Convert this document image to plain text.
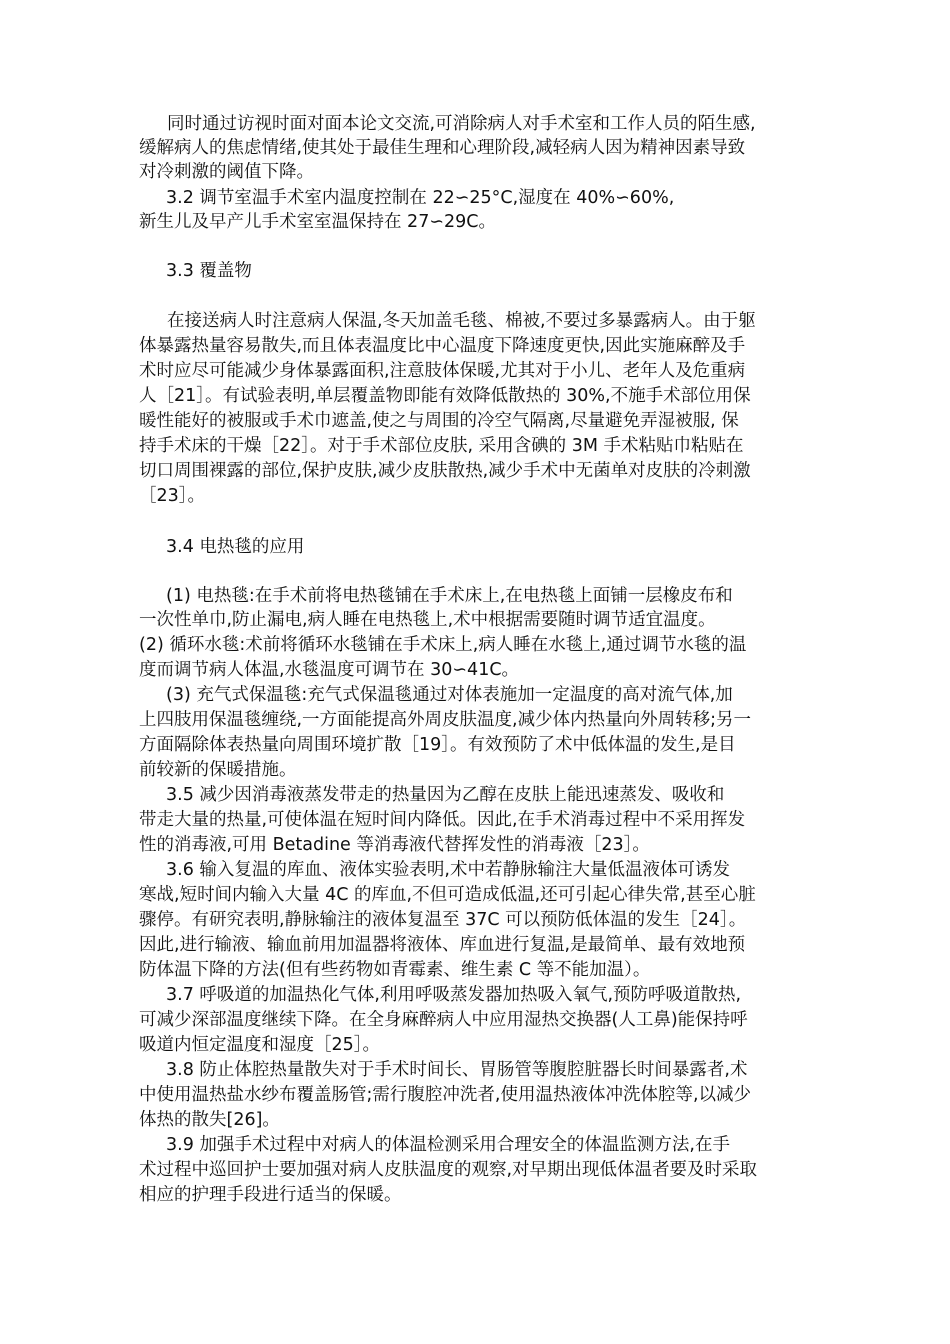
同时通过访视时面对面本论文交流,可消除病人对手术室和工作人员的陌生感,
缓解病人的焦虑情绪,使其处于最佳生理和心理阶段,减轻病人因为精神因素导致
对冷刺激的阈值下降。
3.2 调节室温手术室内温度控制在 22∽25°C,湿度在 40%∽60%,
新生儿及早产儿手术室室温保持在 27∽29C。
3.3 覆盖物
在接送病人时注意病人保温,冬天加盖毛毯、棉被,不要过多暴露病人。由于躯
体暴露热量容易散失,而且体表温度比中心温度下降速度更快,因此实施麻醉及手
术时应尽可能减少身体暴露面积,注意肢体保暖,尤其对于小儿、老年人及危重病
人［21］。有试验表明,单层覆盖物即能有效降低散热的 30%,不施手术部位用保
暖性能好的被服或手术巾遮盖,使之与周围的冷空气隔离,尽量避免弄湿被服, 保
持手术床的干燥［22］。对于手术部位皮肤, 采用含碘的 3M 手术粘贴巾粘贴在
切口周围裸露的部位,保护皮肤,减少皮肤散热,减少手术中无菌单对皮肤的冷刺激
［23］。
3.4 电热毯的应用
(1) 电热毯:在手术前将电热毯铺在手术床上,在电热毯上面铺一层橡皮布和
一次性单巾,防止漏电,病人睡在电热毯上,术中根据需要随时调节适宜温度。
(2) 循环水毯:术前将循环水毯铺在手术床上,病人睡在水毯上,通过调节水毯的温
度而调节病人体温,水毯温度可调节在 30∽41C。
(3) 充气式保温毯:充气式保温毯通过对体表施加一定温度的高对流气体,加
上四肢用保温毯缠绕,一方面能提高外周皮肤温度,减少体内热量向外周转移;另一
方面隔除体表热量向周围环境扩散［19］。有效预防了术中低体温的发生,是目
前较新的保暖措施。
3.5 减少因消毒液蒸发带走的热量因为乙醇在皮肤上能迅速蒸发、吸收和
带走大量的热量,可使体温在短时间内降低。因此,在手术消毒过程中不采用挥发
性的消毒液,可用 Betadine 等消毒液代替挥发性的消毒液［23］。
3.6 输入复温的库血、液体实验表明,术中若静脉输注大量低温液体可诱发
寒战,短时间内输入大量 4C 的库血,不但可造成低温,还可引起心律失常,甚至心脏
骤停。有研究表明,静脉输注的液体复温至 37C 可以预防低体温的发生［24］。
因此,进行输液、输血前用加温器将液体、库血进行复温,是最简单、最有效地预
防体温下降的方法(但有些药物如青霉素、维生素 C 等不能加温）。
3.7 呼吸道的加温热化气体,利用呼吸蒸发器加热吸入氧气,预防呼吸道散热,
可减少深部温度继续下降。在全身麻醉病人中应用湿热交换器(人工鼻)能保持呼
吸道内恒定温度和湿度［25］。
3.8 防止体腔热量散失对于手术时间长、胃肠管等腹腔脏器长时间暴露者,术
中使用温热盐水纱布覆盖肠管;需行腹腔冲洗者,使用温热液体冲洗体腔等,以减少
体热的散失[26]。
3.9 加强手术过程中对病人的体温检测采用合理安全的体温监测方法,在手
术过程中巡回护士要加强对病人皮肤温度的观察,对早期出现低体温者要及时采取
相应的护理手段进行适当的保暖。
